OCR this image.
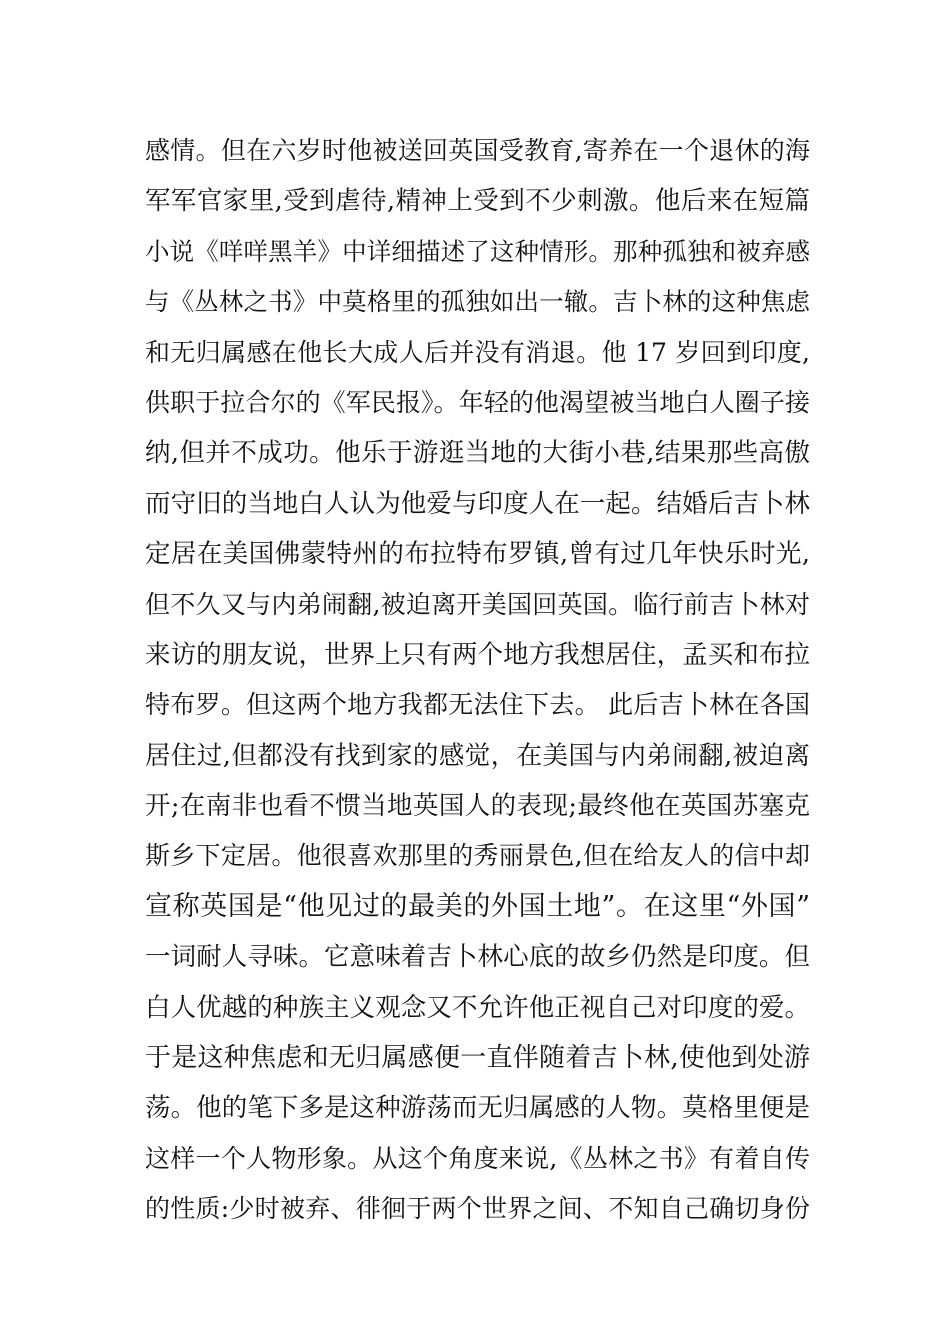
感情。但在六岁时他被送回英国受教育,寄养在一个退休的海
军军官家里,受到虐待,精神上受到不少刺激。他后来在短篇
小说《咩咩黑羊》中详细描述了这种情形。那种孤独和被弃感
与《丛林之书》中莫格里的孤独如出一辙。吉卜林的这种焦虑
和无归属感在他长大成人后并没有消退。他 17 岁回到印度,
供职于拉合尔的《军民报》。年轻的他渴望被当地白人圈子接
纳,但并不成功。他乐于游逛当地的大街小巷,结果那些高傲
而守旧的当地白人认为他爱与印度人在一起。结婚后吉卜林
定居在美国佛蒙特州的布拉特布罗镇,曾有过几年快乐时光,
但不久又与内弟闹翻,被迫离开美国回英国。临行前吉卜林对
来访的朋友说，世界上只有两个地方我想居住，孟买和布拉
特布罗。但这两个地方我都无法住下去。 此后吉卜林在各国
居住过,但都没有找到家的感觉，在美国与内弟闹翻,被迫离
开;在南非也看不惯当地英国人的表现;最终他在英国苏塞克
斯乡下定居。他很喜欢那里的秀丽景色,但在给友人的信中却
宣称英国是“他见过的最美的外国土地”。在这里“外国”
一词耐人寻味。它意味着吉卜林心底的故乡仍然是印度。但
白人优越的种族主义观念又不允许他正视自己对印度的爱。
于是这种焦虑和无归属感便一直伴随着吉卜林,使他到处游
荡。他的笔下多是这种游荡而无归属感的人物。莫格里便是
这样一个人物形象。从这个角度来说,《丛林之书》有着自传
的性质:少时被弃、徘徊于两个世界之间、不知自己确切身份
